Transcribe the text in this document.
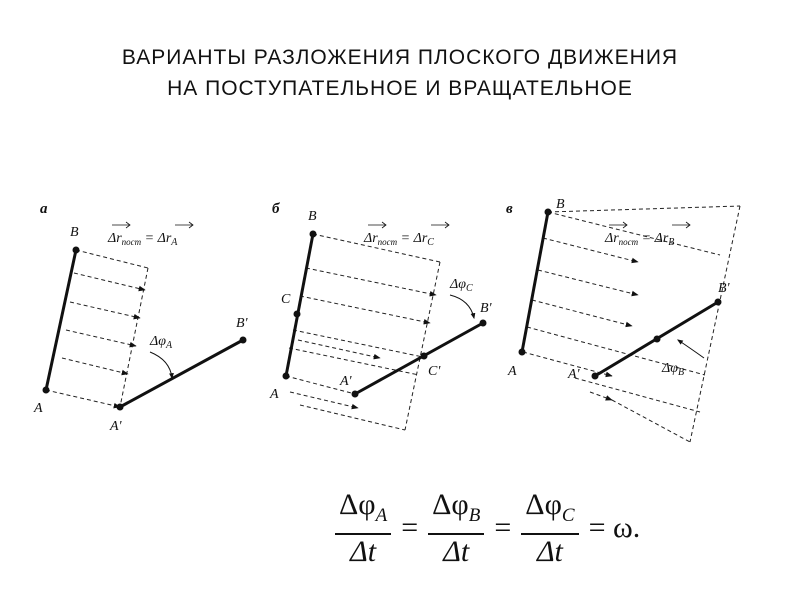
ВАРИАНТЫ РАЗЛОЖЕНИЯ ПЛОСКОГО ДВИЖЕНИЯ
НА ПОСТУПАТЕЛЬНОЕ И ВРАЩАТЕЛЬНОЕ
а
B
A
A'
B'
$\Delta\varphi_A$
$\Delta r_{пост} = \Delta r_A$
б B
C
A
A'
C'
B'
$\Delta\varphi_C$
$\Delta r_{пост} = \Delta r_C$
в	B
A	A'
B'
$\Delta\varphi_B$
$\Delta r_{пост} = \Delta r_B$
$\frac{\Delta\varphi_A}{\Delta t} = \frac{\Delta\varphi_B}{\Delta t} = \frac{\Delta\varphi_C}{\Delta t} = \omega$.
